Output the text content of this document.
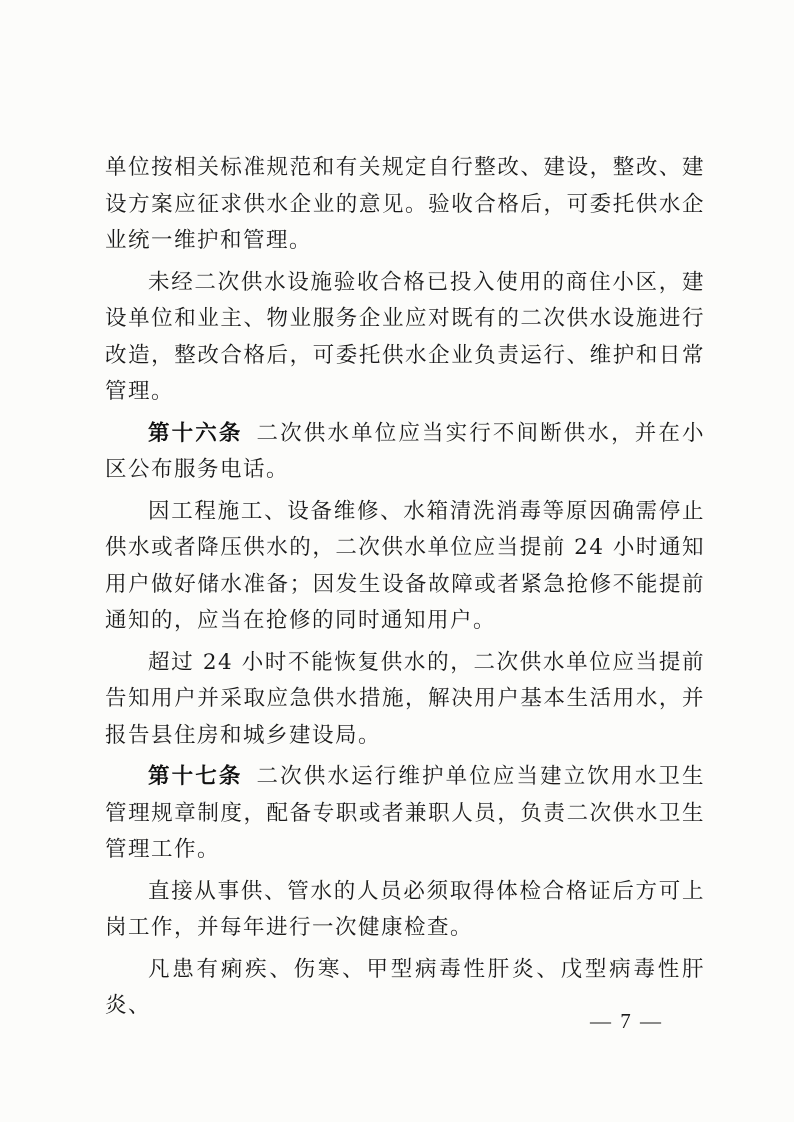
单位按相关标准规范和有关规定自行整改、建设，整改、建设方案应征求供水企业的意见。验收合格后，可委托供水企业统一维护和管理。

未经二次供水设施验收合格已投入使用的商住小区，建设单位和业主、物业服务企业应对既有的二次供水设施进行改造，整改合格后，可委托供水企业负责运行、维护和日常管理。

第十六条 二次供水单位应当实行不间断供水，并在小区公布服务电话。

因工程施工、设备维修、水箱清洗消毒等原因确需停止供水或者降压供水的，二次供水单位应当提前 24 小时通知用户做好储水准备；因发生设备故障或者紧急抢修不能提前通知的，应当在抢修的同时通知用户。

超过 24 小时不能恢复供水的，二次供水单位应当提前告知用户并采取应急供水措施，解决用户基本生活用水，并报告县住房和城乡建设局。

第十七条 二次供水运行维护单位应当建立饮用水卫生管理规章制度，配备专职或者兼职人员，负责二次供水卫生管理工作。

直接从事供、管水的人员必须取得体检合格证后方可上岗工作，并每年进行一次健康检查。

凡患有痢疾、伤寒、甲型病毒性肝炎、戊型病毒性肝炎、

— 7 —
